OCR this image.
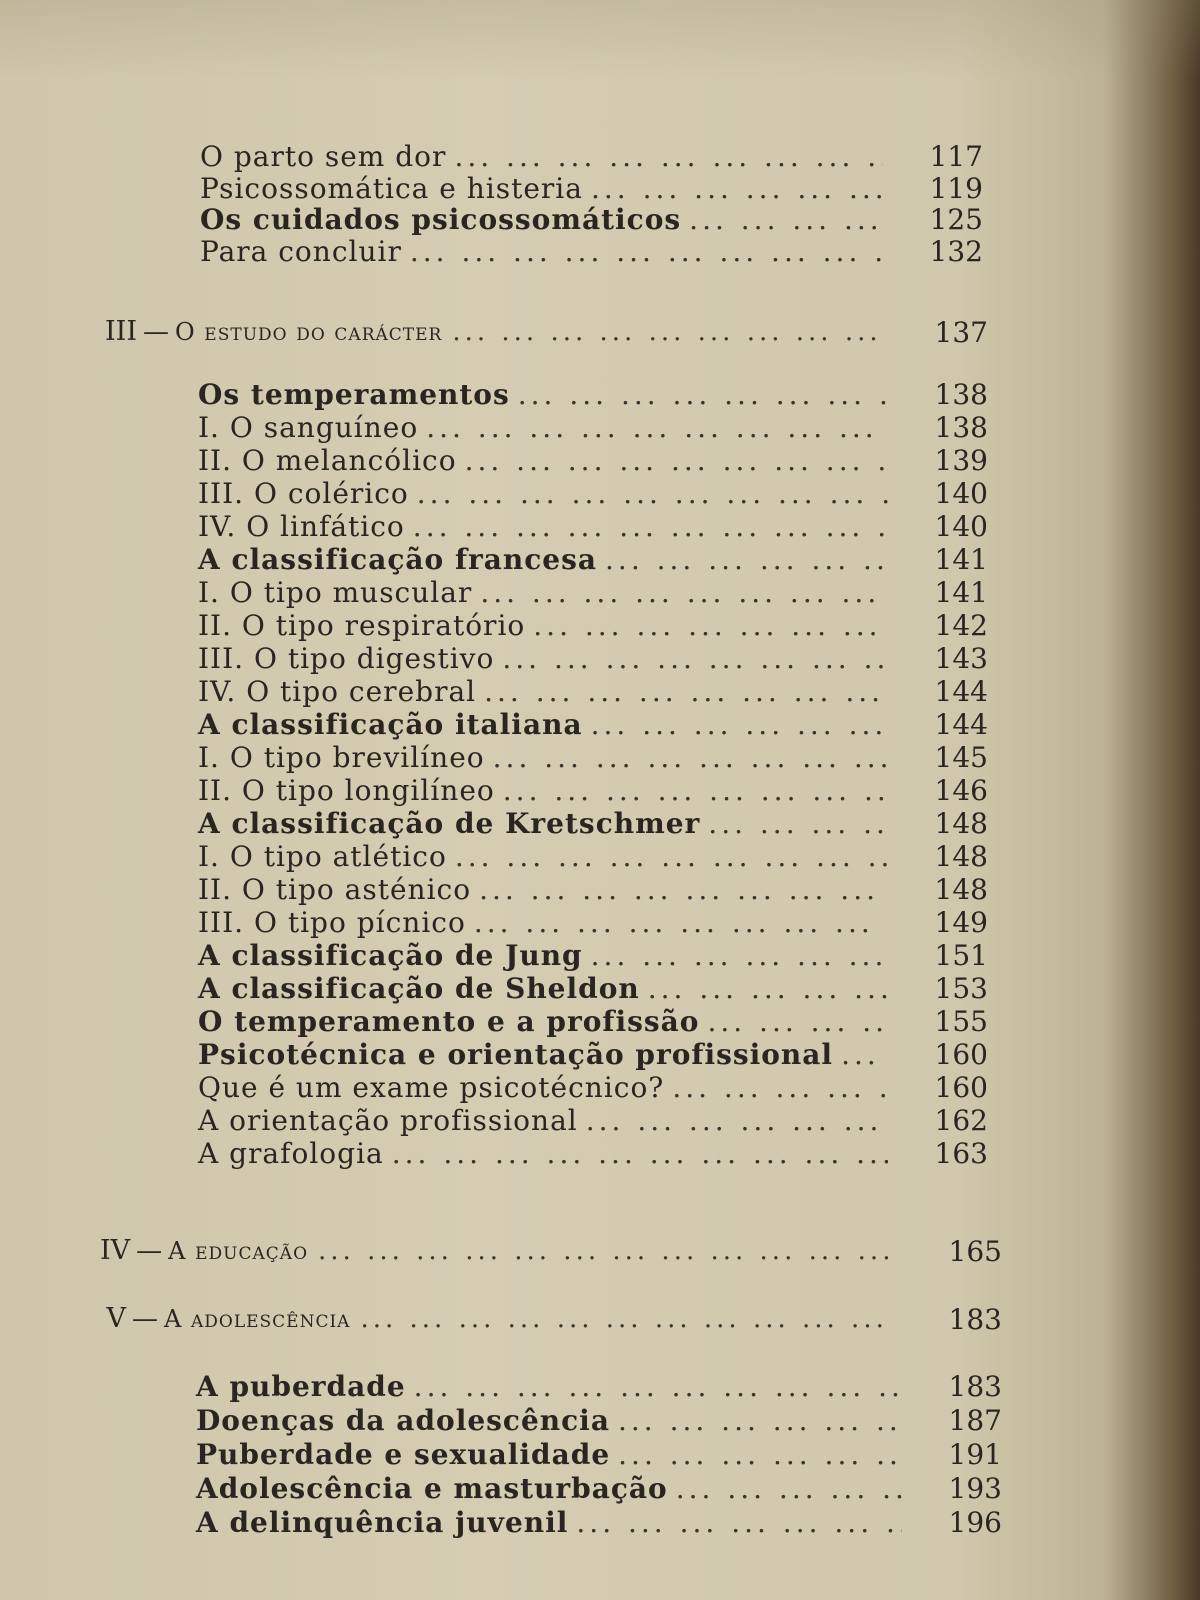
III — O estudo do carácter ... .	137
IV — A educação ... .	165
V — A adolescência ... .	183
O parto sem dor ... .	117
Psicossomática e histeria ... .	119
Os cuidados psicossomáticos ... .	125
Para concluir ... .	132
Os temperamentos ... .	138
I. O sanguíneo ... .	138
II. O melancólico ... .	139
III. O colérico ... .	140
IV. O linfático ... .	140
A classificação francesa ... .	141
I. O tipo muscular ... .	141
II. O tipo respiratório ... .	142
III. O tipo digestivo ... .	143
IV. O tipo cerebral ... .	144
A classificação italiana ... .	144
I. O tipo brevilíneo ... .	145
II. O tipo longilíneo ... .	146
A classificação de Kretschmer ... .	148
I. O tipo atlético ... .	148
II. O tipo asténico ... .	148
III. O tipo pícnico ... .	149
A classificação de Jung ... .	151
A classificação de Sheldon ... .	153
O temperamento e a profissão ... .	155
Psicotécnica e orientação profissional ... .	160
Que é um exame psicotécnico? ... .	160
A orientação profissional ... .	162
A grafologia ... .	163
A puberdade ... .	183
Doenças da adolescência ... .	187
Puberdade e sexualidade ... .	191
Adolescência e masturbação ... .	193
A delinquência juvenil ... .	196
